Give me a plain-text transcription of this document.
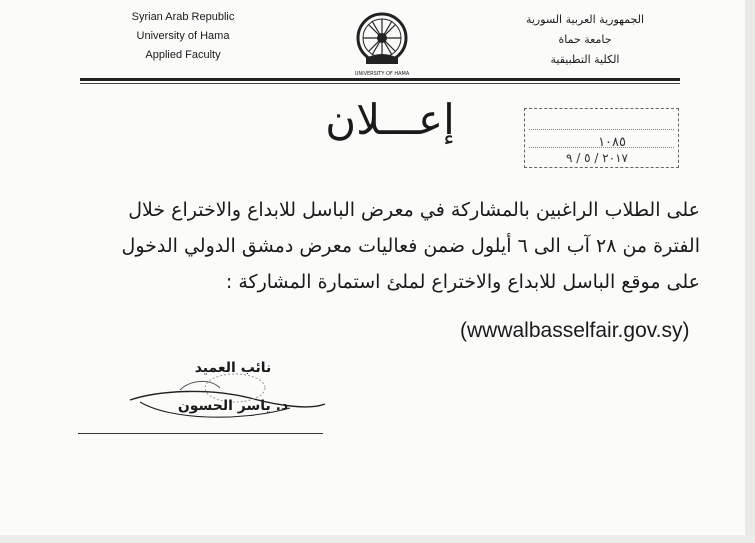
Syrian Arab Republic
University of Hama
Applied Faculty
UNIVERSITY OF HAMA
الجمهورية العربية السورية
جامعة حماة
الكلية التطبيقية
إعـــلان	١٠٨٥
٢٠١٧ / ٥ / ٩

على الطلاب الراغبين بالمشاركة في معرض الباسل للابداع والاختراع خلال

الفترة من ٢٨ آب الى ٦ أيلول ضمن فعاليات معرض دمشق الدولي الدخول

على موقع الباسل للابداع والاختراع لملئ استمارة المشاركة :

(wwwalbasselfair.gov.sy)
نائب العميد
د. ياسر الحسون
